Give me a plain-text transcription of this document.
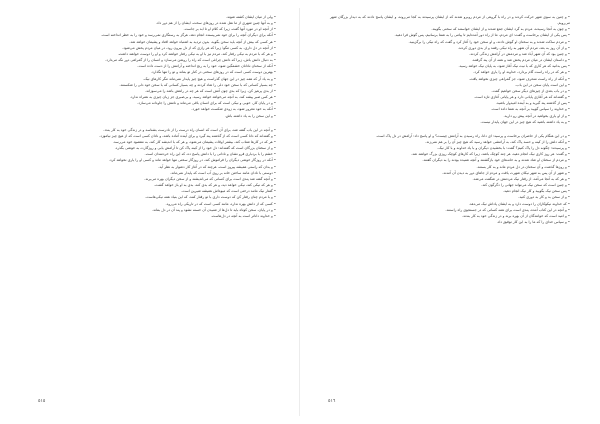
• ولی از میان ایشان کشته شوند.

• و به آنها چنین شهری از ما نقل شده در روزهای سخت، ایشان را از هم دور داد.

• از آنچه او در مورد آنها گفت، زیرا که کلام او تا ابد بر جاست.

• آنکه برای دیگران آنچه را برای خود نمی‌پسندد انجام دهد، هرگز به رستگاری نمی‌رسد و خود را به خطر انداخته است.

• هر کسی که بیش از آنچه باید سخن بگوید، بدون تردید به اشتباه خواهد افتاد و پشیمان خواهد شد.

• از آنچه در دل داری، به کسی مگو؛ زیرا که هر رازی که از دل بیرون رود، در میان مردم پخش می‌شود.

• و هر که با مردم به نیکی رفتار کند، مردم نیز با او به نیکی رفتار خواهند کرد و او را دوست خواهند داشت.

• به دنبال دانش باش، زیرا که دانش چراغی است که راه را روشن می‌سازد و انسان را از گمراهی دور نگه می‌دارد.

• آنکه از سخنان نادانان خشمگین شود، خود را به رنج انداخته و آرامش را از دست داده است.

• بهترین دوست کسی است که در روزهای سختی در کنار تو بماند و تو را تنها نگذارد.

• و به یاد آر که همه چیز در این جهان گذراست و هیچ چیز پایدار نمی‌ماند مگر کارهای نیک.

• چه بسیار کسانی که با سخن خود دلی را شاد کردند و چه بسیار کسانی که با سخن خود دلی را شکستند.

• از بدی پرهیز کن، زیرا که بدی چون آتش است که هر چه در راهش باشد را می‌سوزاند.

• هر کس صبر پیشه کند، به آنچه می‌خواهد خواهد رسید، و بی‌صبری جز زیان چیزی به همراه ندارد.

• و در پایان کار، خوبی و نیکی است که برای انسان باقی می‌ماند و نامش را جاودانه می‌سازد.

• آنکه به خود مغرور شود، به زودی شکست خواهد خورد.

• و این سخن را به یاد داشته باش.

• و آنچه در این باب گفته شد، برای آن است که انسان راه درست را از نادرست بشناسد و در زندگی خود به کار بندد.

• و گفته‌اند که دانا کسی است که از گذشته پند گیرد و برای آینده آماده باشد، و نادان کسی است که از هیچ چیز نیاموزد.

• هر که در کارها شتاب کند، بیشتر اوقات پشیمان می‌شود، و هر که با اندیشه کار کند، به مقصود خود می‌رسد.

• و از سخنان بزرگان است که گفته‌اند: دل خود را از کینه پاک کن تا آرامش یابی و روزگارت به خوشی بگذرد.

• خشم را با بردباری فرو نشان و نادانی را با دانش پاسخ ده، که این راه خردمندان است.

• آنکه در روزگار خوشی دیگران را فراموش کند، در روزگار سختی تنها خواهد ماند و کسی او را یاری نخواهد کرد.

• و بدان که راستی همیشه پیروز است، هرچند که در آغاز کار دشوار به نظر آید.

• دوستی با نادان مانند ساختن خانه بر روی آب است که پایدار نمی‌ماند.

• و آنچه گفته شد پندی است برای کسانی که می‌اندیشند و از سخن دیگران بهره می‌برند.

• و هر که نیکی کند، نیکی خواهد دید، و هر که بدی کند، بدی به او باز خواهد گشت.

• گفتار نیک مانند درختی است که میوه‌اش همیشه شیرین است.

• و با مردم چنان رفتار کن که دوست داری با تو رفتار کنند، که این بنیاد همه نیکی‌هاست.

• کسی که از دانش بهره ندارد، مانند کسی است که در تاریکی راه می‌رود.

• و در پایان، سخن کوتاه باید تا دل‌ها از شنیدن آن خسته نشود و پند آن در دل بماند.

• و خداوند داناتر است به آنچه در دل‌هاست.

٥١٥

• و چنین به سوی شهر حرکت کردند و در راه با گروهی از مردم روبرو شدند که از ایشان پرسیدند به کجا می‌روند، و ایشان پاسخ دادند که به دیدار بزرگان شهر می‌رویم.

• و چون به آنجا رسیدند، مردم به گرد ایشان جمع شدند و از ایشان خواستند که سخنی بگویند.

• پس یکی از ایشان برخاست و گفت: ای مردم، ما از راه دور آمده‌ایم تا پیامی را به شما برسانیم، پس گوش فرا دهید.

• و مردم ساکت شدند و به سخنان او گوش دادند، و او سخن خود را آغاز کرد و گفت که راه نیکی را برگزینید.

• و از آن روز به بعد، مردم آن شهر به راه نیکی رفتند و از بدی دوری کردند.

• و چنین بود که آن شهر آباد شد و مردمش در آرامش زندگی کردند.

• و داستان ایشان در میان مردم پخش شد و همه از آن پند گرفتند.

• پس بدانید که هر کاری که با نیت نیک آغاز شود، به پایان نیک خواهد رسید.

• و هر که در راه راست گام بردارد، خداوند او را یاری خواهد کرد.

• و آنکه از راه راست منحرف شود، جز گمراهی چیزی نخواهد یافت.

• و این است پایان سخن در این باب.

• و در باب بعدی از چیزهای دیگر سخن خواهیم گفت.

• و گفته‌اند که هر آغازی پایانی دارد و هر پایانی آغازی تازه است.

• پس از گذشته پند گیرید و به آینده امیدوار باشید.

• و خداوند را سپاس گویید بر آنچه به شما داده است.

• و از او یاری بخواهید در آنچه پیش رو دارید.

• و به یاد داشته باشید که هیچ چیز در این جهان پایدار نیست.

• و در این هنگام یکی از حاضران برخاست و پرسید: ای دانا، راه رسیدن به آرامش چیست؟ و او پاسخ داد: آرامش در دل پاک است.

• و آنکه دلش را از کینه و حسد پاک کند، به آرامشی خواهد رسید که هیچ چیز آن را بر هم نمی‌زند.

• و پرسیدند: چگونه دل را پاک کنیم؟ گفت: با بخشیدن دیگران و با یاد خداوند و با کار نیک.

• و گفت: هر روز کاری نیک انجام دهید، هر چند کوچک باشد، زیرا که کارهای کوچک روزی بزرگ خواهند شد.

• و مردم از سخنان او شاد شدند و به خانه‌های خود بازگشتند و آنچه شنیده بودند را به دیگران گفتند.

• و روزها گذشت و آن سخنان در دل مردم ماند و به کار بستند.

• و شهر از آن پس به شهر نیکان شهرت یافت و مردم از جاهای دور به دیدن آن آمدند.

• و هر که به آنجا می‌آمد، از رفتار نیک مردمش در شگفت می‌شد.

• و چنین است که سخن نیک می‌تواند جهانی را دگرگون کند.

• پس سخن نیک بگویید و کار نیک انجام دهید.

• و از سخن بد و کار بد دوری کنید.

• که خداوند نیکوکاران را دوست دارد و به ایشان پاداش نیک می‌دهد.

• و آنچه در این کتاب آمده، پندی است برای همه کسانی که در جستجوی راه راستند.

• و امید است که خوانندگان از آن بهره برند و در زندگی خود به کار بندند.

• و سپاس خدای را که ما را به این کار توفیق داد.

٥١٦
